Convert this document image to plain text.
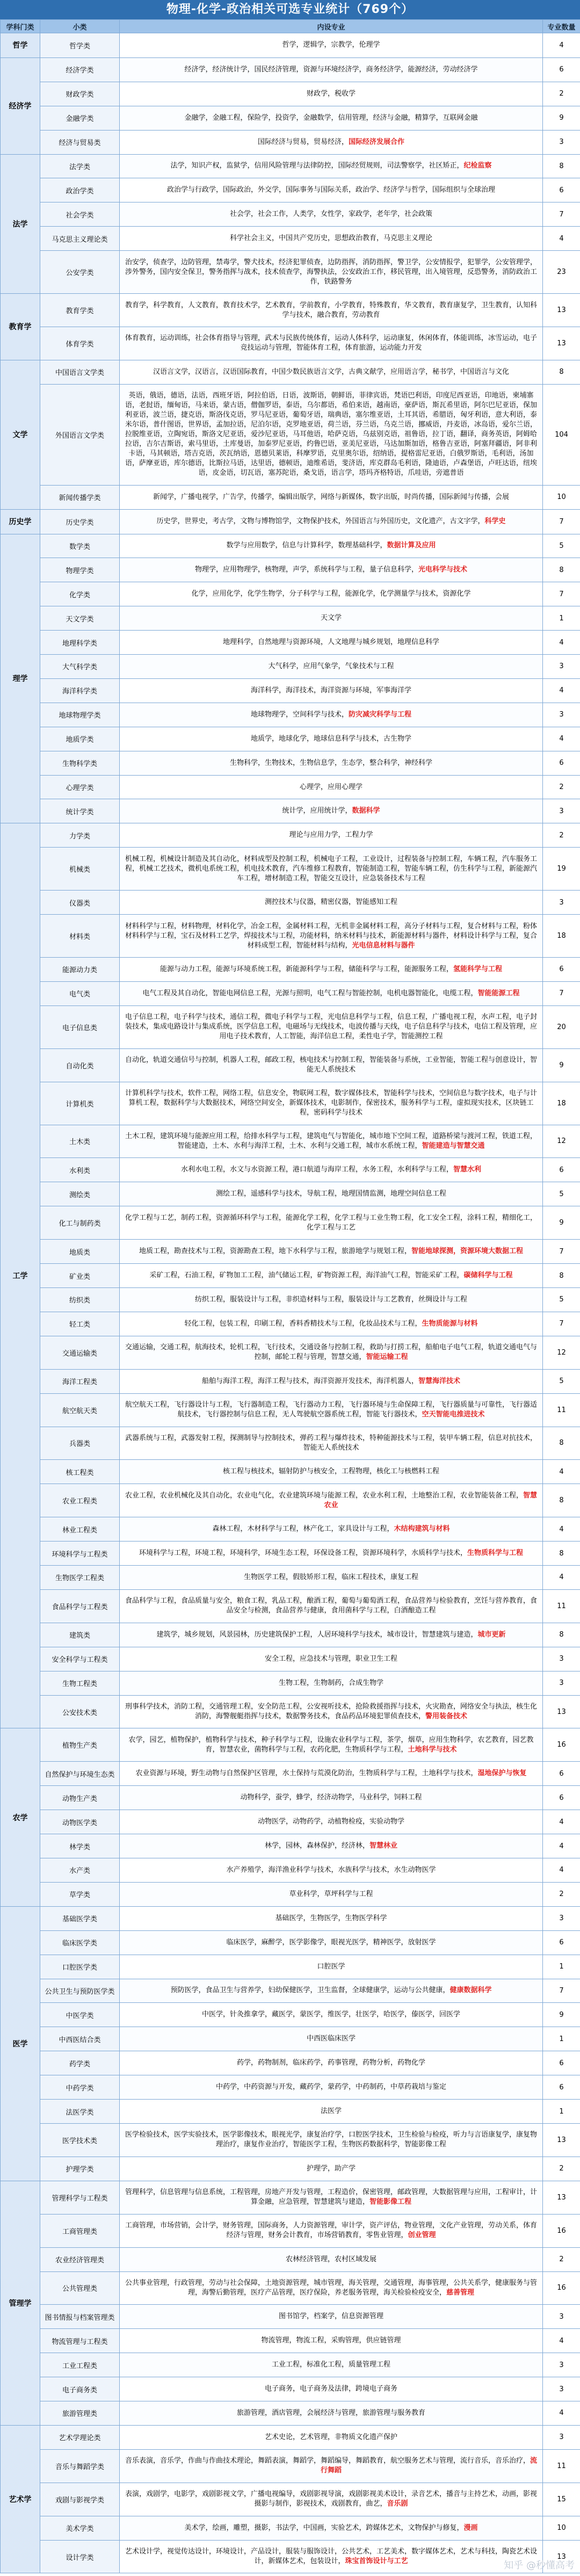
物理-化学-政治相关可选专业统计（769个）
学科门类	小类	内设专业	专业数量
哲学	哲学类	哲学，逻辑学，宗教学，伦理学	4
经济学	经济学类	经济学，经济统计学，国民经济管理，资源与环境经济学，商务经济学，能源经济，劳动经济学	6
	财政学类	财政学，税收学	2
	金融学类	金融学，金融工程，保险学，投资学，金融数学，信用管理，经济与金融，精算学，互联网金融	9
	经济与贸易类	国际经济与贸易，贸易经济，国际经济发展合作	3
法学	法学类	法学，知识产权，监狱学，信用风险管理与法律防控，国际经贸规则，司法警察学，社区矫正，纪检监察	8
	政治学类	政治学与行政学，国际政治，外交学，国际事务与国际关系，政治学、经济学与哲学，国际组织与全球治理	6
	社会学类	社会学，社会工作，人类学，女性学，家政学，老年学，社会政策	7
	马克思主义理论类	科学社会主义，中国共产党历史，思想政治教育，马克思主义理论	4
	公安学类	治安学，侦查学，边防管理，禁毒学，警犬技术，经济犯罪侦查，边防指挥，消防指挥，警卫学，公安情报学，犯罪学，公安管理学，涉外警务，国内安全保卫，警务指挥与战术，技术侦查学，海警执法，公安政治工作，移民管理，出入境管理，反恐警务，消防政治工作，铁路警务	23
教育学	教育学类	教育学，科学教育，人文教育，教育技术学，艺术教育，学前教育，小学教育，特殊教育，华文教育，教育康复学，卫生教育，认知科学与技术，融合教育，劳动教育	13
	体育学类	体育教育，运动训练，社会体育指导与管理，武术与民族传统体育，运动人体科学，运动康复，休闲体育，体能训练，冰雪运动，电子竞技运动与管理，智能体育工程，体育旅游，运动能力开发	13
文学	中国语言文学类	汉语言文学，汉语言，汉语国际教育，中国少数民族语言文学，古典文献学，应用语言学，秘书学，中国语言与文化	8
	外国语言文学类	英语，俄语，德语，法语，西班牙语，阿拉伯语，日语，波斯语，朝鲜语，菲律宾语，梵语巴利语，印度尼西亚语，印地语，柬埔寨语，老挝语，缅甸语，马来语，蒙古语，僧伽罗语，泰语，乌尔都语，希伯来语，越南语，豪萨语，斯瓦希里语，阿尔巴尼亚语，保加利亚语，波兰语，捷克语，斯洛伐克语，罗马尼亚语，葡萄牙语，瑞典语，塞尔维亚语，土耳其语，希腊语，匈牙利语，意大利语，泰米尔语，普什图语，世界语，孟加拉语，尼泊尔语，克罗地亚语，荷兰语，芬兰语，乌克兰语，挪威语，丹麦语，冰岛语，爱尔兰语，拉脱维亚语，立陶宛语，斯洛文尼亚语，爱沙尼亚语，马耳他语，哈萨克语，乌兹别克语，祖鲁语，拉丁语，翻译，商务英语，阿姆哈拉语，吉尔吉斯语，索马里语，土库曼语，加泰罗尼亚语，约鲁巴语，亚美尼亚语，马达加斯加语，格鲁吉亚语，阿塞拜疆语，阿非利卡语，马其顿语，塔吉克语，茨瓦纳语，恩德贝莱语，科摩罗语，克里奥尔语，绍纳语，提格雷尼亚语，白俄罗斯语，毛利语，汤加语，萨摩亚语，库尔德语，比斯拉马语，达里语，德顿语，迪维希语，斐济语，库克群岛毛利语，隆迪语，卢森堡语，卢旺达语，纽埃语，皮金语，切瓦语，塞苏陀语，桑戈语，语言学，塔玛齐格特语，爪哇语，旁遮普语	104
	新闻传播学类	新闻学，广播电视学，广告学，传播学，编辑出版学，网络与新媒体，数字出版，时尚传播，国际新闻与传播，会展	10
历史学	历史学类	历史学，世界史，考古学，文物与博物馆学，文物保护技术，外国语言与外国历史，文化遗产，古文字学，科学史	7
理学	数学类	数学与应用数学，信息与计算科学，数理基础科学，数据计算及应用	5
	物理学类	物理学，应用物理学，核物理，声学，系统科学与工程，量子信息科学，光电科学与技术	8
	化学类	化学，应用化学，化学生物学，分子科学与工程，能源化学，化学测量学与技术，资源化学	7
	天文学类	天文学	1
	地理科学类	地理科学，自然地理与资源环境，人文地理与城乡规划，地理信息科学	4
	大气科学类	大气科学，应用气象学，气象技术与工程	3
	海洋科学类	海洋科学，海洋技术，海洋资源与环境，军事海洋学	4
	地球物理学类	地球物理学，空间科学与技术，防灾减灾科学与工程	3
	地质学类	地质学，地球化学，地球信息科学与技术，古生物学	4
	生物科学类	生物科学，生物技术，生物信息学，生态学，整合科学，神经科学	6
	心理学类	心理学，应用心理学	2
	统计学类	统计学，应用统计学，数据科学	3
工学	力学类	理论与应用力学，工程力学	2
	机械类	机械工程，机械设计制造及其自动化，材料成型及控制工程，机械电子工程，工业设计，过程装备与控制工程，车辆工程，汽车服务工程，机械工艺技术，微机电系统工程，机电技术教育，汽车维修工程教育，智能制造工程，智能车辆工程，仿生科学与工程，新能源汽车工程，增材制造工程，智能交互设计，应急装备技术与工程	19
	仪器类	测控技术与仪器，精密仪器，智能感知工程	3
	材料类	材料科学与工程，材料物理，材料化学，冶金工程，金属材料工程，无机非金属材料工程，高分子材料与工程，复合材料与工程，粉体材料科学与工程，宝石及材料工艺学，焊接技术与工程，功能材料，纳米材料与技术，新能源材料与器件，材料设计科学与工程，复合材料成型工程，智能材料与结构，光电信息材料与器件	18
	能源动力类	能源与动力工程，能源与环境系统工程，新能源科学与工程，储能科学与工程，能源服务工程，氢能科学与工程	6
	电气类	电气工程及其自动化，智能电网信息工程，光源与照明，电气工程与智能控制，电机电器智能化，电缆工程，智能能源工程	7
	电子信息类	电子信息工程，电子科学与技术，通信工程，微电子科学与工程，光电信息科学与工程，信息工程，广播电视工程，水声工程，电子封装技术，集成电路设计与集成系统，医学信息工程，电磁场与无线技术，电波传播与天线，电子信息科学与技术，电信工程及管理，应用电子技术教育，人工智能，海洋信息工程，柔性电子学，智能测控工程	20
	自动化类	自动化，轨道交通信号与控制，机器人工程，邮政工程，核电技术与控制工程，智能装备与系统，工业智能，智能工程与创意设计，智能无人系统技术	9
	计算机类	计算机科学与技术，软件工程，网络工程，信息安全，物联网工程，数字媒体技术，智能科学与技术，空间信息与数字技术，电子与计算机工程，数据科学与大数据技术，网络空间安全，新媒体技术，电影制作，保密技术，服务科学与工程，虚拟现实技术，区块链工程，密码科学与技术	18
	土木类	土木工程，建筑环境与能源应用工程，给排水科学与工程，建筑电气与智能化，城市地下空间工程，道路桥梁与渡河工程，铁道工程，智能建造，土木、水利与海洋工程，土木、水利与交通工程，城市水系统工程，智能建造与智慧交通	12
	水利类	水利水电工程，水文与水资源工程，港口航道与海岸工程，水务工程，水利科学与工程，智慧水利	6
	测绘类	测绘工程，遥感科学与技术，导航工程，地理国情监测，地理空间信息工程	5
	化工与制药类	化学工程与工艺，制药工程，资源循环科学与工程，能源化学工程，化学工程与工业生物工程，化工安全工程，涂料工程，精细化工，化学工程与工艺	9
	地质类	地质工程，勘查技术与工程，资源勘查工程，地下水科学与工程，旅游地学与规划工程，智能地球探测，资源环境大数据工程	7
	矿业类	采矿工程，石油工程，矿物加工工程，油气储运工程，矿物资源工程，海洋油气工程，智能采矿工程，碳储科学与工程	8
	纺织类	纺织工程，服装设计与工程，非织造材料与工程，服装设计与工艺教育，丝绸设计与工程	5
	轻工类	轻化工程，包装工程，印刷工程，香料香精技术与工程，化妆品技术与工程，生物质能源与材料	7
	交通运输类	交通运输，交通工程，航海技术，轮机工程，飞行技术，交通设备与控制工程，救助与打捞工程，船舶电子电气工程，轨道交通电气与控制，邮轮工程与管理，智慧交通，智能运输工程	12
	海洋工程类	船舶与海洋工程，海洋工程与技术，海洋资源开发技术，海洋机器人，智慧海洋技术	5
	航空航天类	航空航天工程，飞行器设计与工程，飞行器制造工程，飞行器动力工程，飞行器环境与生命保障工程，飞行器质量与可靠性，飞行器适航技术，飞行器控制与信息工程，无人驾驶航空器系统工程，智能飞行器技术，空天智能电推进技术	11
	兵器类	武器系统与工程，武器发射工程，探测制导与控制技术，弹药工程与爆炸技术，特种能源技术与工程，装甲车辆工程，信息对抗技术，智能无人系统技术	8
	核工程类	核工程与核技术，辐射防护与核安全，工程物理，核化工与核燃料工程	4
	农业工程类	农业工程，农业机械化及其自动化，农业电气化，农业建筑环境与能源工程，农业水利工程，土地整治工程，农业智能装备工程，智慧农业	8
	林业工程类	森林工程，木材科学与工程，林产化工，家具设计与工程，木结构建筑与材料	4
	环境科学与工程类	环境科学与工程，环境工程，环境科学，环境生态工程，环保设备工程，资源环境科学，水质科学与技术，生物质科学与工程	8
	生物医学工程类	生物医学工程，假肢矫形工程，临床工程技术，康复工程	4
	食品科学与工程类	食品科学与工程，食品质量与安全，粮食工程，乳品工程，酿酒工程，葡萄与葡萄酒工程，食品营养与检验教育，烹饪与营养教育，食品安全与检测，食品营养与健康，食用菌科学与工程，白酒酿造工程	11
	建筑类	建筑学，城乡规划，风景园林，历史建筑保护工程，人居环境科学与技术，城市设计，智慧建筑与建造，城市更新	8
	安全科学与工程类	安全工程，应急技术与管理，职业卫生工程	3
	生物工程类	生物工程，生物制药，合成生物学	3
	公安技术类	刑事科学技术，消防工程，交通管理工程，安全防范工程，公安视听技术，抢险救援指挥与技术，火灾勘查，网络安全与执法，核生化消防，海警舰艇指挥与技术，数据警务技术，食品药品环境犯罪侦查技术，警用装备技术	13
农学	植物生产类	农学，园艺，植物保护，植物科学与技术，种子科学与工程，设施农业科学与工程，茶学，烟草，应用生物科学，农艺教育，园艺教育，智慧农业，菌物科学与工程，农药化肥，生物质科学与工程，土地科学与技术	16
	自然保护与环境生态类	农业资源与环境，野生动物与自然保护区管理，水土保持与荒漠化防治，生物质科学与工程，土地科学与技术，湿地保护与恢复	6
	动物生产类	动物科学，蚕学，蜂学，经济动物学，马业科学，饲料工程	6
	动物医学类	动物医学，动物药学，动植物检疫，实验动物学	4
	林学类	林学，园林，森林保护，经济林，智慧林业	4
	水产类	水产养殖学，海洋渔业科学与技术，水族科学与技术，水生动物医学	4
	草学类	草业科学，草坪科学与工程	2
医学	基础医学类	基础医学，生物医学，生物医学科学	3
	临床医学类	临床医学，麻醉学，医学影像学，眼视光医学，精神医学，放射医学	6
	口腔医学类	口腔医学	1
	公共卫生与预防医学类	预防医学，食品卫生与营养学，妇幼保健医学，卫生监督，全球健康学，运动与公共健康，健康数据科学	7
	中医学类	中医学，针灸推拿学，藏医学，蒙医学，维医学，壮医学，哈医学，傣医学，回医学	9
	中西医结合类	中西医临床医学	1
	药学类	药学，药物制剂，临床药学，药事管理，药物分析，药物化学	6
	中药学类	中药学，中药资源与开发，藏药学，蒙药学，中药制药，中草药栽培与鉴定	6
	法医学类	法医学	1
	医学技术类	医学检验技术，医学实验技术，医学影像技术，眼视光学，康复治疗学，口腔医学技术，卫生检验与检疫，听力与言语康复学，康复物理治疗，康复作业治疗，智能医学工程，生物医药数据科学，智能影像工程	13
	护理学类	护理学，助产学	2
管理学	管理科学与工程类	管理科学，信息管理与信息系统，工程管理，房地产开发与管理，工程造价，保密管理，邮政管理，大数据管理与应用，工程审计，计算金融，应急管理，智慧建筑与建造，智能影像工程	13
	工商管理类	工商管理，市场营销，会计学，财务管理，国际商务，人力资源管理，审计学，资产评估，物业管理，文化产业管理，劳动关系，体育经济与管理，财务会计教育，市场营销教育，零售业管理，创业管理	16
	农业经济管理类	农林经济管理，农村区域发展	2
	公共管理类	公共事业管理，行政管理，劳动与社会保障，土地资源管理，城市管理，海关管理，交通管理，海事管理，公共关系学，健康服务与管理，海警后勤管理，医疗产品管理，医疗保险，养老服务管理，海关检验检疫安全，慈善管理	16
	图书情报与档案管理类	图书馆学，档案学，信息资源管理	3
	物流管理与工程类	物流管理，物流工程，采购管理，供应链管理	4
	工业工程类	工业工程，标准化工程，质量管理工程	3
	电子商务类	电子商务，电子商务及法律，跨境电子商务	3
	旅游管理类	旅游管理，酒店管理，会展经济与管理，旅游管理与服务教育	4
艺术学	艺术学理论类	艺术史论，艺术管理，非物质文化遗产保护	3
	音乐与舞蹈学类	音乐表演，音乐学，作曲与作曲技术理论，舞蹈表演，舞蹈学，舞蹈编导，舞蹈教育，航空服务艺术与管理，流行音乐，音乐治疗，流行舞蹈	11
	戏剧与影视学类	表演，戏剧学，电影学，戏剧影视文学，广播电视编导，戏剧影视导演，戏剧影视美术设计，录音艺术，播音与主持艺术，动画，影视摄影与制作，影视技术，戏剧教育，曲艺，音乐剧	15
	美术学类	美术学，绘画，雕塑，摄影，书法学，中国画，实验艺术，跨媒体艺术，文物保护与修复，漫画	10
	设计学类	艺术设计学，视觉传达设计，环境设计，产品设计，服装与服饰设计，公共艺术，工艺美术，数字媒体艺术，艺术与科技，陶瓷艺术设计，新媒体艺术，包装设计，珠宝首饰设计与工艺	13
知乎 @秒懂高考
